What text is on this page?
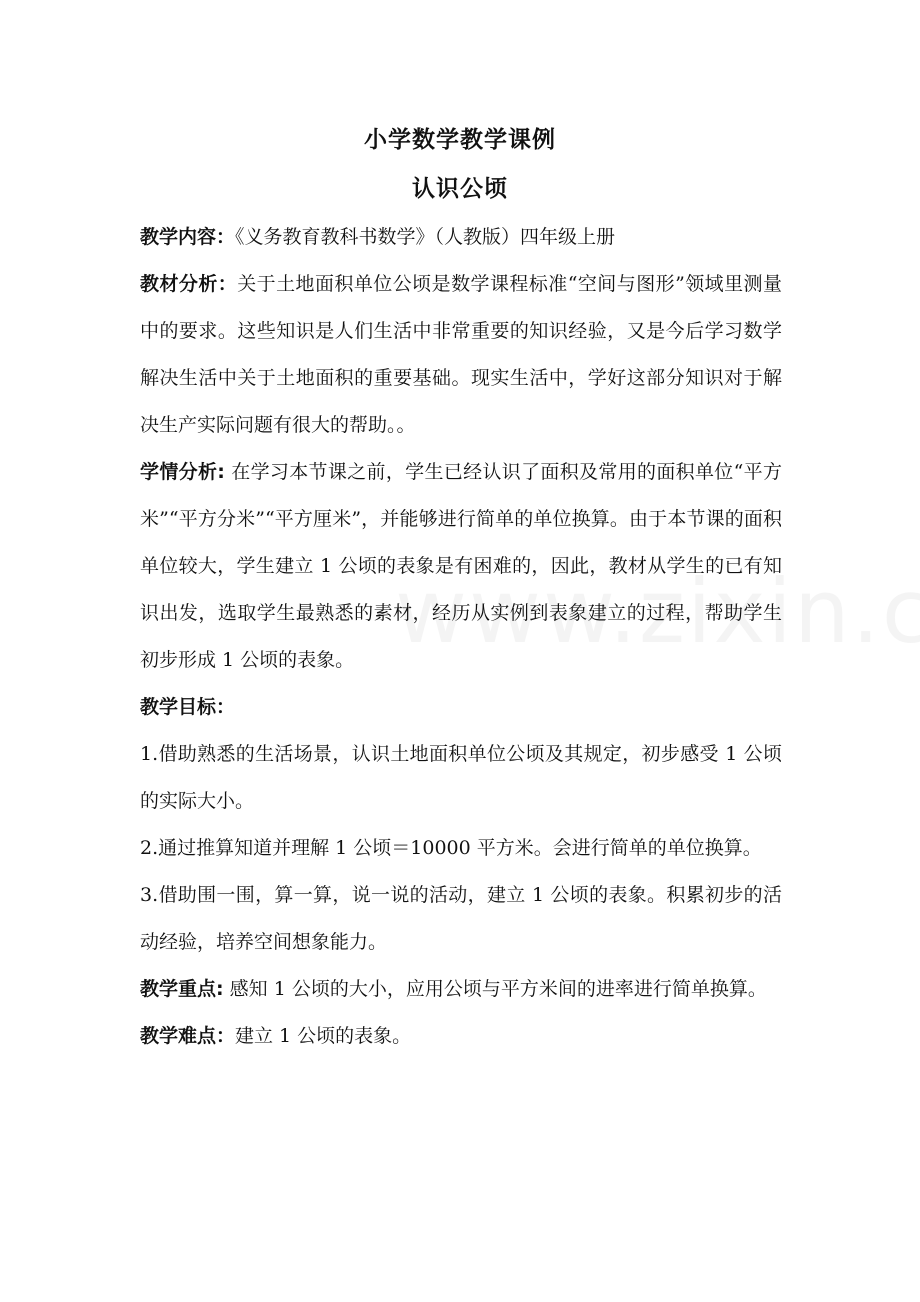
小学数学教学课例
认识公顷

教学内容：《义务教育教科书数学》（人教版）四年级上册

教材分析：关于土地面积单位公顷是数学课程标准“空间与图形”领域里测量中的要求。这些知识是人们生活中非常重要的知识经验，又是今后学习数学解决生活中关于土地面积的重要基础。现实生活中，学好这部分知识对于解决生产实际问题有很大的帮助。。

学情分析: 在学习本节课之前，学生已经认识了面积及常用的面积单位“平方米”“平方分米”“平方厘米”，并能够进行简单的单位换算。由于本节课的面积单位较大，学生建立 1 公顷的表象是有困难的，因此，教材从学生的已有知识出发，选取学生最熟悉的素材，经历从实例到表象建立的过程，帮助学生初步形成 1 公顷的表象。

教学目标：

1.借助熟悉的生活场景，认识土地面积单位公顷及其规定，初步感受 1 公顷的实际大小。

2.通过推算知道并理解 1 公顷＝10000 平方米。会进行简单的单位换算。

3.借助围一围，算一算，说一说的活动，建立 1 公顷的表象。积累初步的活动经验，培养空间想象能力。

教学重点: 感知 1 公顷的大小，应用公顷与平方米间的进率进行简单换算。

教学难点：建立 1 公顷的表象。
